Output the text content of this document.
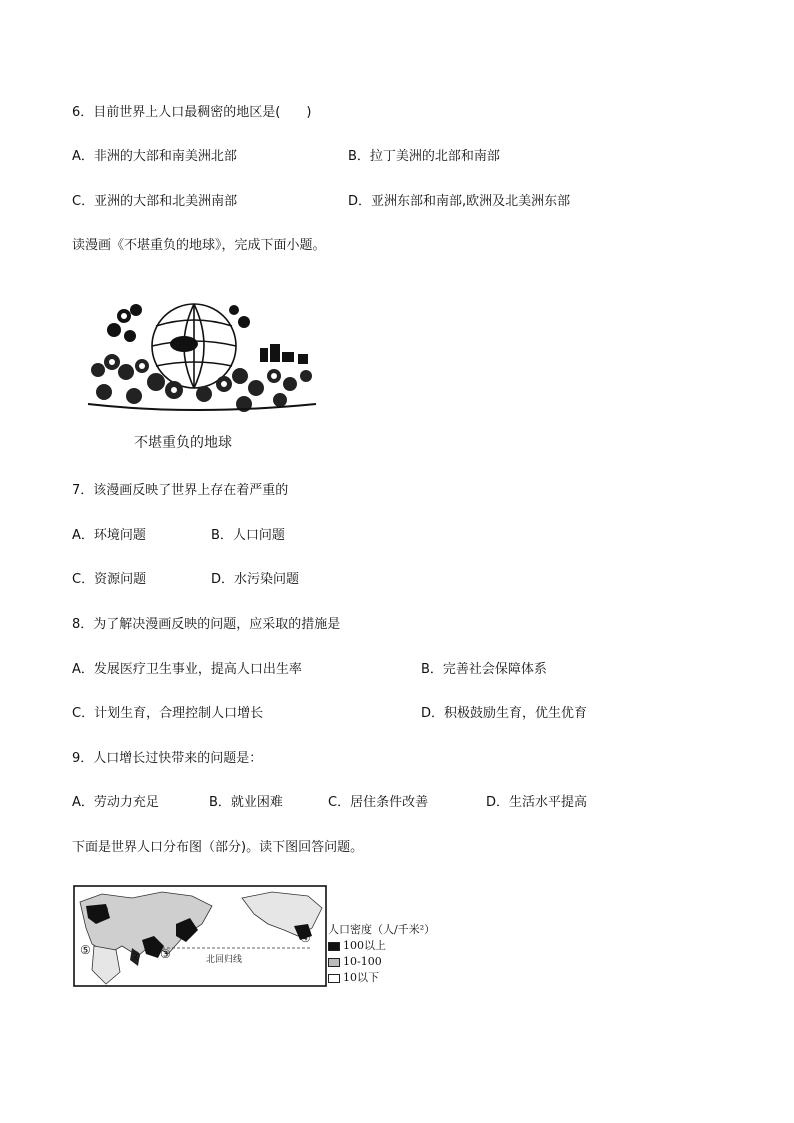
6．目前世界上人口最稠密的地区是(　　)
A．非洲的大部和南美洲北部	B．拉丁美洲的北部和南部
C．亚洲的大部和北美洲南部	D．亚洲东部和南部,欧洲及北美洲东部
读漫画《不堪重负的地球》，完成下面小题。
不堪重负的地球
7．该漫画反映了世界上存在着严重的
A．环境问题	B．人口问题
C．资源问题	D．水污染问题
8．为了解决漫画反映的问题，应采取的措施是
A．发展医疗卫生事业，提高人口出生率	B．完善社会保障体系
C．计划生育，合理控制人口增长	D．积极鼓励生育，优生优育
9．人口增长过快带来的问题是：
A．劳动力充足	B．就业困难	C．居住条件改善	D．生活水平提高
下面是世界人口分布图（部分)。读下图回答问题。
①
② ③
④
⑤
北回归线
人口密度（人/千米²）
100以上
10-100
10以下
